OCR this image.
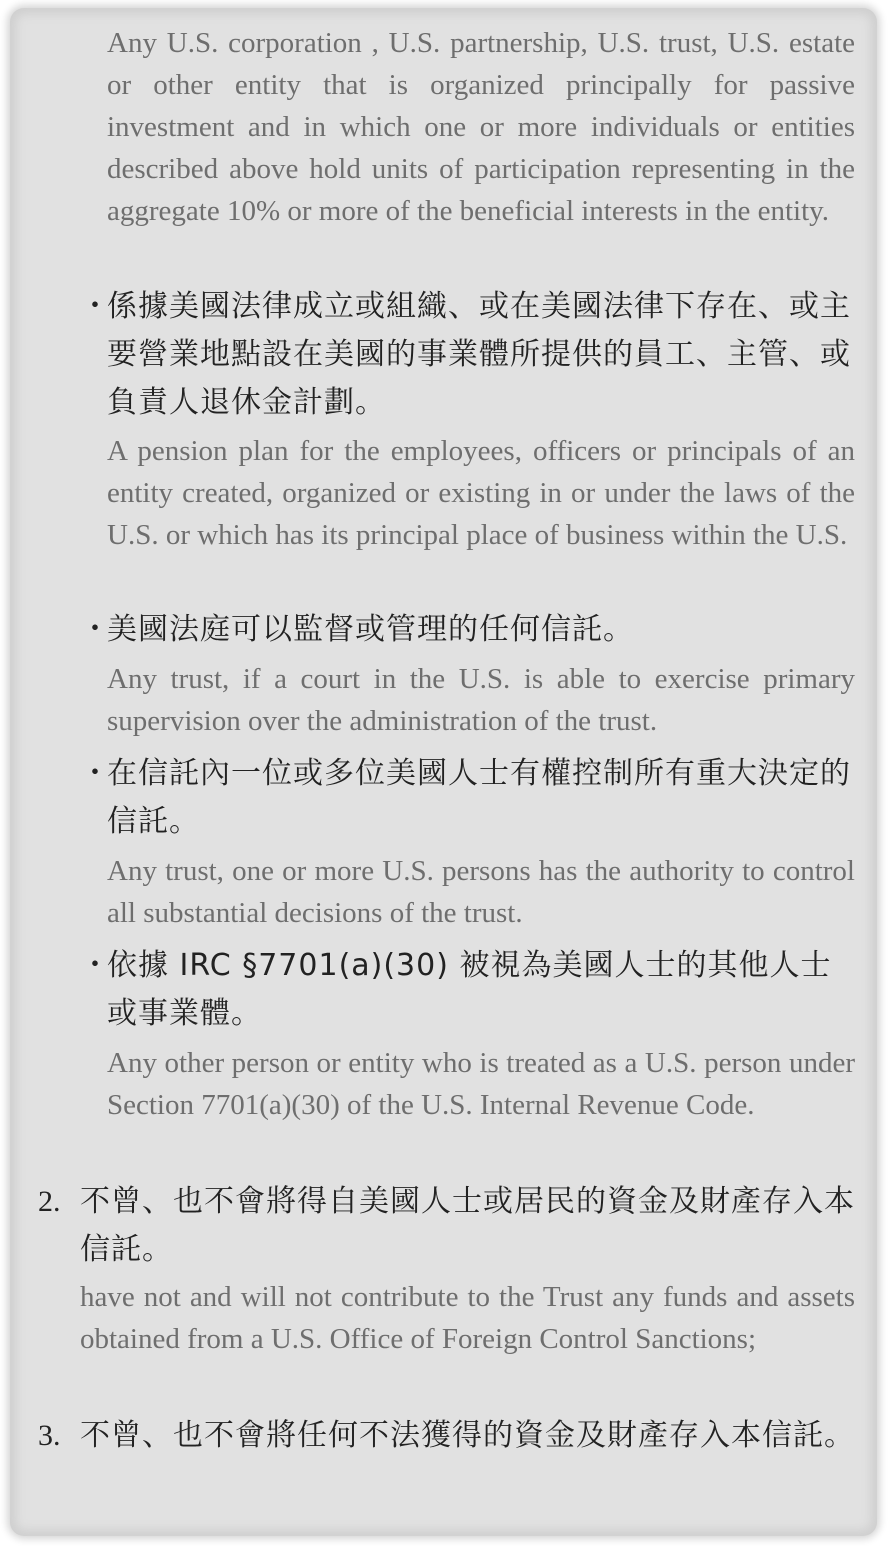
Any U.S. corporation , U.S. partnership, U.S. trust, U.S. estate or other entity that is organized principally for passive investment and in which one or more individuals or entities described above hold units of participation representing in the aggregate 10% or more of the beneficial interests in the entity.
・
係據美國法律成立或組織、或在美國法律下存在、或主要營業地點設在美國的事業體所提供的員工、主管、或負責人退休金計劃。
A pension plan for the employees, officers or principals of an entity created, organized or existing in or under the laws of the U.S. or which has its principal place of business within the U.S.
・
美國法庭可以監督或管理的任何信託。
Any trust, if a court in the U.S. is able to exercise primary supervision over the administration of the trust.
・
在信託內一位或多位美國人士有權控制所有重大決定的信託。
Any trust, one or more U.S. persons has the authority to control all substantial decisions of the trust.
・
依據 IRC §7701(a)(30) 被視為美國人士的其他人士或事業體。
Any other person or entity who is treated as a U.S. person under Section 7701(a)(30) of the U.S. Internal Revenue Code.
2. 不曾、也不會將得自美國人士或居民的資金及財產存入本信託。
have not and will not contribute to the Trust any funds and assets obtained from a U.S. Office of Foreign Control Sanctions;
3. 不曾、也不會將任何不法獲得的資金及財產存入本信託。
